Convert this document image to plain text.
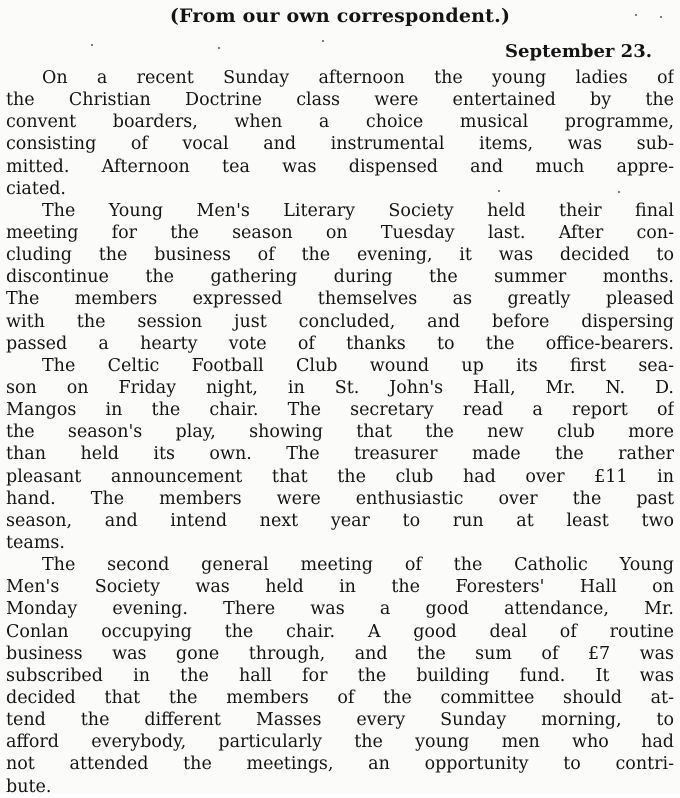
(From our own correspondent.)
September 23.
On a recent Sunday afternoon the young ladies of
the Christian Doctrine class were entertained by the
convent boarders, when a choice musical programme,
consisting of vocal and instrumental items, was sub-
mitted. Afternoon tea was dispensed and much appre-
ciated.
The Young Men's Literary Society held their final
meeting for the season on Tuesday last. After con-
cluding the business of the evening, it was decided to
discontinue the gathering during the summer months.
The members expressed themselves as greatly pleased
with the session just concluded, and before dispersing
passed a hearty vote of thanks to the office-bearers.
The Celtic Football Club wound up its first sea-
son on Friday night, in St. John's Hall, Mr. N. D.
Mangos in the chair. The secretary read a report of
the season's play, showing that the new club more
than held its own. The treasurer made the rather
pleasant announcement that the club had over £11 in
hand. The members were enthusiastic over the past
season, and intend next year to run at least two
teams.
The second general meeting of the Catholic Young
Men's Society was held in the Foresters' Hall on
Monday evening. There was a good attendance, Mr.
Conlan occupying the chair. A good deal of routine
business was gone through, and the sum of £7 was
subscribed in the hall for the building fund. It was
decided that the members of the committee should at-
tend the different Masses every Sunday morning, to
afford everybody, particularly the young men who had
not attended the meetings, an opportunity to contri-
bute.
